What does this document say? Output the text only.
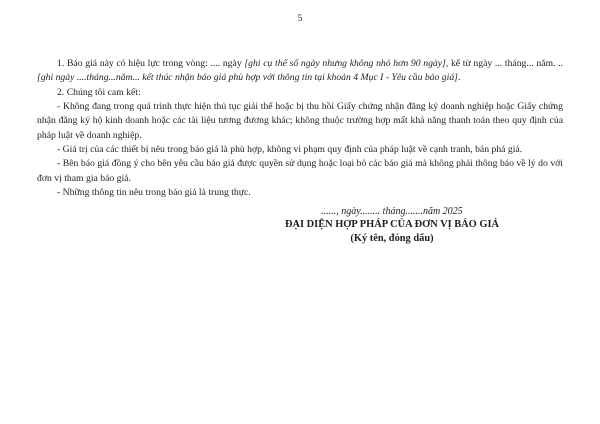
5

1. Báo giá này có hiệu lực trong vòng: .... ngày [ghi cụ thể số ngày nhưng không nhỏ hơn 90 ngày], kể từ ngày ... tháng... năm. ..[ghi ngày ....tháng...năm... kết thúc nhận báo giá phù hợp với thông tin tại khoản 4 Mục I - Yêu cầu báo giá].

2. Chúng tôi cam kết:

- Không đang trong quá trình thực hiện thủ tục giải thể hoặc bị thu hồi Giấy chứng nhận đăng ký doanh nghiệp hoặc Giấy chứng nhận đăng ký hộ kinh doanh hoặc các tài liệu tương đương khác; không thuộc trường hợp mất khả năng thanh toán theo quy định của pháp luật về doanh nghiệp.

- Giá trị của các thiết bị nêu trong báo giá là phù hợp, không vi phạm quy định của pháp luật về cạnh tranh, bán phá giá.

- Bên báo giá đồng ý cho bên yêu cầu báo giá được quyền sử dụng hoặc loại bỏ các báo giá mà không phải thông báo về lý do với đơn vị tham gia báo giá.

- Những thông tin nêu trong báo giá là trung thực.

......, ngày........ tháng.......năm 2025
ĐẠI DIỆN HỢP PHÁP CỦA ĐƠN VỊ BÁO GIÁ
(Ký tên, đóng dấu)
